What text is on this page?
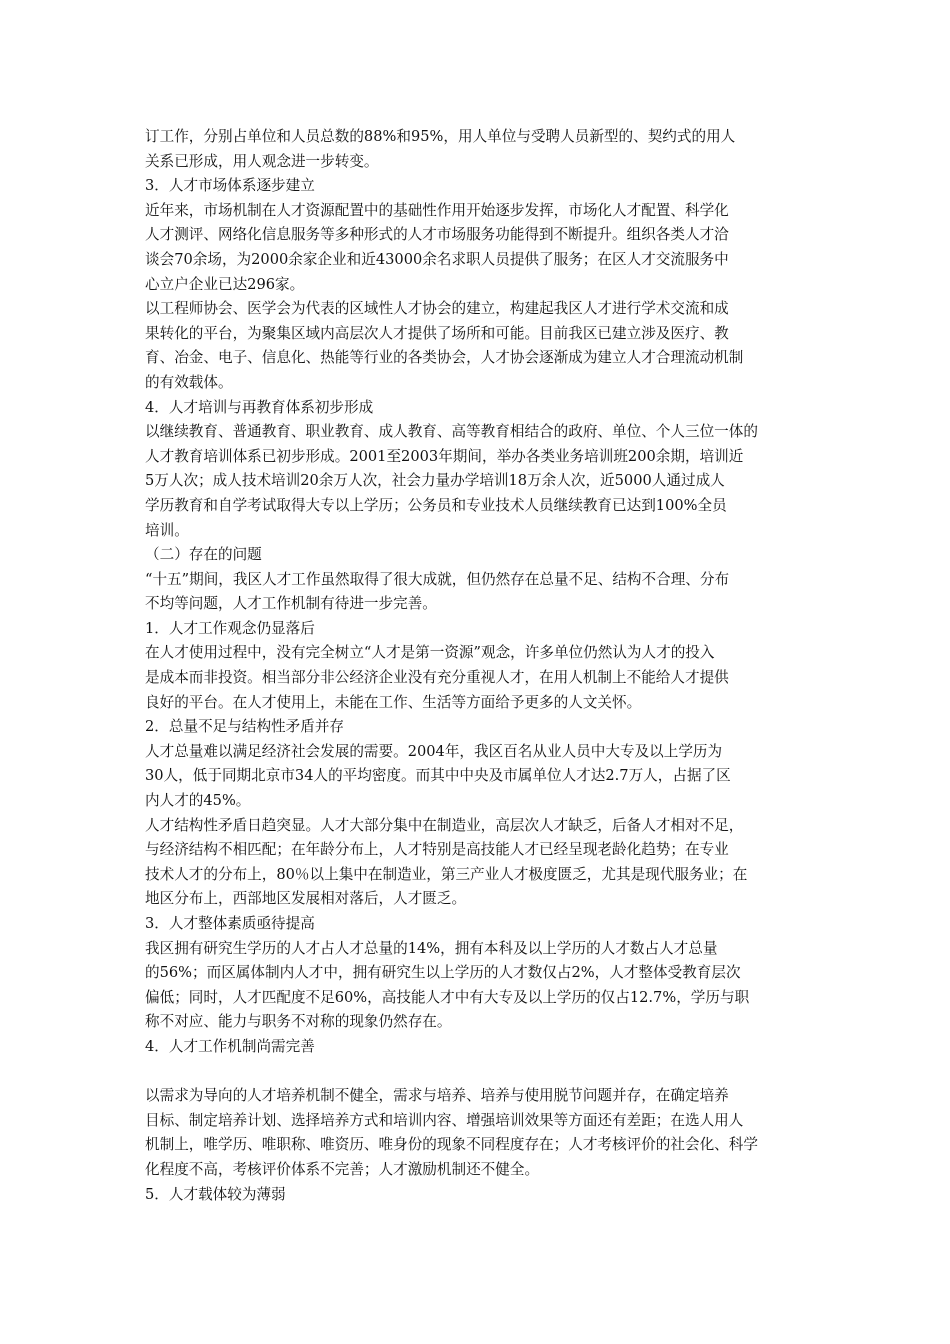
订工作，分别占单位和人员总数的88%和95%，用人单位与受聘人员新型的、契约式的用人
关系已形成，用人观念进一步转变。
3．人才市场体系逐步建立
近年来，市场机制在人才资源配置中的基础性作用开始逐步发挥，市场化人才配置、科学化
人才测评、网络化信息服务等多种形式的人才市场服务功能得到不断提升。组织各类人才洽
谈会70余场，为2000余家企业和近43000余名求职人员提供了服务；在区人才交流服务中
心立户企业已达296家。
以工程师协会、医学会为代表的区域性人才协会的建立，构建起我区人才进行学术交流和成
果转化的平台，为聚集区域内高层次人才提供了场所和可能。目前我区已建立涉及医疗、教
育、冶金、电子、信息化、热能等行业的各类协会，人才协会逐渐成为建立人才合理流动机制
的有效载体。
4．人才培训与再教育体系初步形成
以继续教育、普通教育、职业教育、成人教育、高等教育相结合的政府、单位、个人三位一体的
人才教育培训体系已初步形成。2001至2003年期间，举办各类业务培训班200余期，培训近
5万人次；成人技术培训20余万人次，社会力量办学培训18万余人次，近5000人通过成人
学历教育和自学考试取得大专以上学历；公务员和专业技术人员继续教育已达到100%全员
培训。
（二）存在的问题
“十五”期间，我区人才工作虽然取得了很大成就，但仍然存在总量不足、结构不合理、分布
不均等问题，人才工作机制有待进一步完善。
1．人才工作观念仍显落后
在人才使用过程中，没有完全树立“人才是第一资源”观念，许多单位仍然认为人才的投入
是成本而非投资。相当部分非公经济企业没有充分重视人才，在用人机制上不能给人才提供
良好的平台。在人才使用上，未能在工作、生活等方面给予更多的人文关怀。
2．总量不足与结构性矛盾并存
人才总量难以满足经济社会发展的需要。2004年，我区百名从业人员中大专及以上学历为
30人，低于同期北京市34人的平均密度。而其中中央及市属单位人才达2.7万人，占据了区
内人才的45%。
人才结构性矛盾日趋突显。人才大部分集中在制造业，高层次人才缺乏，后备人才相对不足，
与经济结构不相匹配；在年龄分布上，人才特别是高技能人才已经呈现老龄化趋势；在专业
技术人才的分布上，80％以上集中在制造业，第三产业人才极度匮乏，尤其是现代服务业；在
地区分布上，西部地区发展相对落后，人才匮乏。
3．人才整体素质亟待提高
我区拥有研究生学历的人才占人才总量的14%，拥有本科及以上学历的人才数占人才总量
的56%；而区属体制内人才中，拥有研究生以上学历的人才数仅占2%，人才整体受教育层次
偏低；同时，人才匹配度不足60%，高技能人才中有大专及以上学历的仅占12.7%，学历与职
称不对应、能力与职务不对称的现象仍然存在。
4．人才工作机制尚需完善
以需求为导向的人才培养机制不健全，需求与培养、培养与使用脱节问题并存，在确定培养
目标、制定培养计划、选择培养方式和培训内容、增强培训效果等方面还有差距；在选人用人
机制上，唯学历、唯职称、唯资历、唯身份的现象不同程度存在；人才考核评价的社会化、科学
化程度不高，考核评价体系不完善；人才激励机制还不健全。
5．人才载体较为薄弱
